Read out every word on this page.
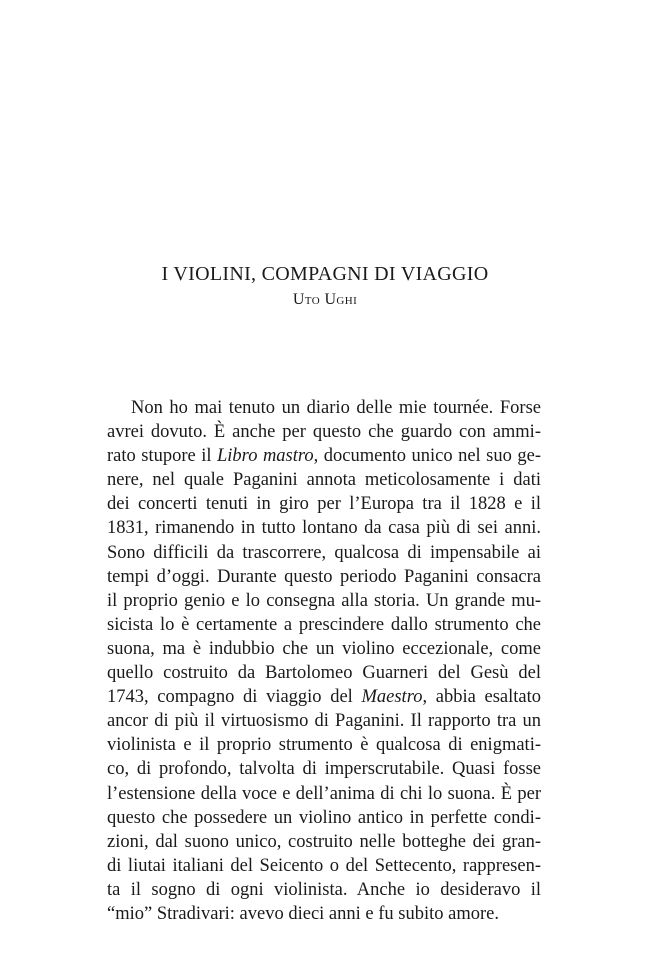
I VIOLINI, COMPAGNI DI VIAGGIO
Uto Ughi
Non ho mai tenuto un diario delle mie tournée. Forse
avrei dovuto. È anche per questo che guardo con ammi-
rato stupore il Libro mastro, documento unico nel suo ge-
nere, nel quale Paganini annota meticolosamente i dati
dei concerti tenuti in giro per l’Europa tra il 1828 e il
1831, rimanendo in tutto lontano da casa più di sei anni.
Sono difficili da trascorrere, qualcosa di impensabile ai
tempi d’oggi. Durante questo periodo Paganini consacra
il proprio genio e lo consegna alla storia. Un grande mu-
sicista lo è certamente a prescindere dallo strumento che
suona, ma è indubbio che un violino eccezionale, come
quello costruito da Bartolomeo Guarneri del Gesù del
1743, compagno di viaggio del Maestro, abbia esaltato
ancor di più il virtuosismo di Paganini. Il rapporto tra un
violinista e il proprio strumento è qualcosa di enigmati-
co, di profondo, talvolta di imperscrutabile. Quasi fosse
l’estensione della voce e dell’anima di chi lo suona. È per
questo che possedere un violino antico in perfette condi-
zioni, dal suono unico, costruito nelle botteghe dei gran-
di liutai italiani del Seicento o del Settecento, rappresen-
ta il sogno di ogni violinista. Anche io desideravo il
“mio” Stradivari: avevo dieci anni e fu subito amore.
